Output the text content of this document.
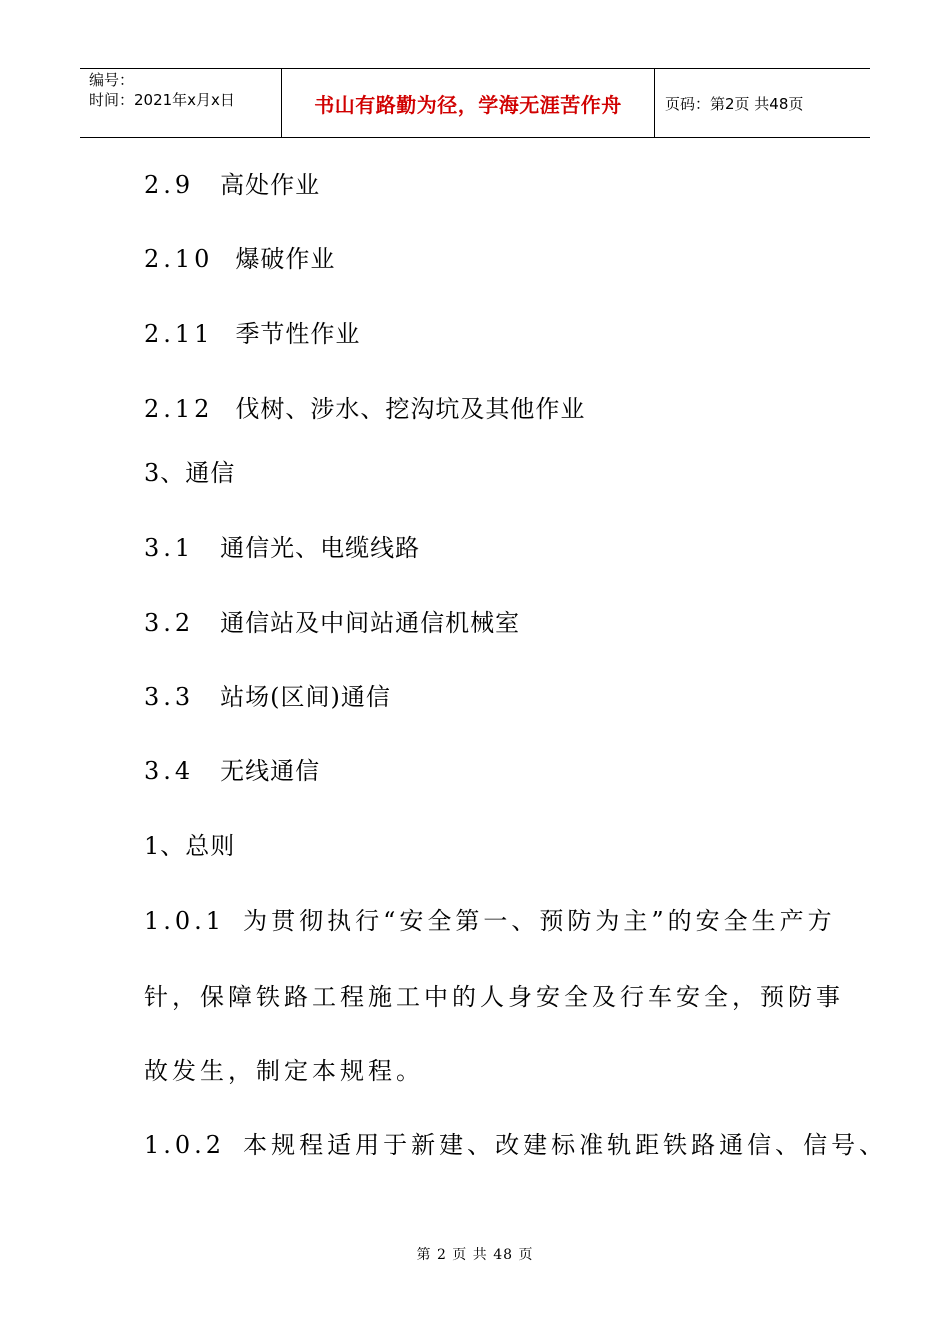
编号：
时间：2021年x月x日	书山有路勤为径，学海无涯苦作舟	页码：第2页 共48页
2.9 高处作业
2.10 爆破作业
2.11 季节性作业
2.12 伐树、涉水、挖沟坑及其他作业
3、通信
3.1 通信光、电缆线路
3.2 通信站及中间站通信机械室
3.3 站场(区间)通信
3.4 无线通信
1、总则
1.0.1 为贯彻执行“安全第一、预防为主”的安全生产方
针，保障铁路工程施工中的人身安全及行车安全，预防事
故发生，制定本规程。
1.0.2 本规程适用于新建、改建标准轨距铁路通信、信号、
第 2 页 共 48 页
